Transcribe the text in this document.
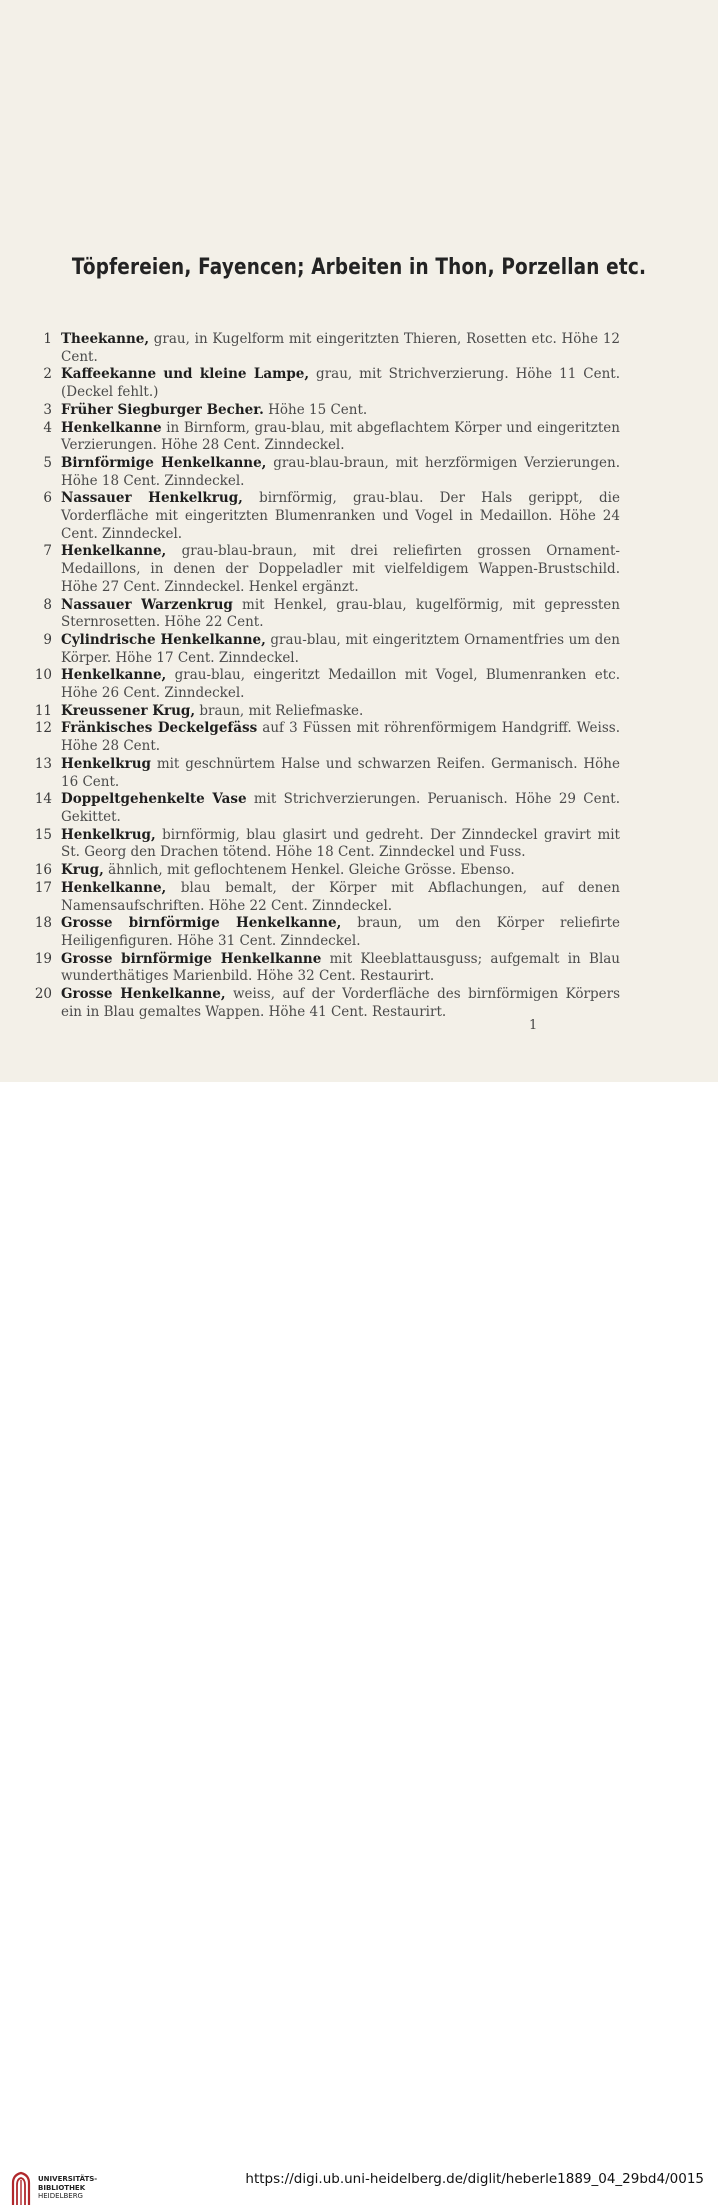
Töpfereien, Fayencen; Arbeiten in Thon, Porzellan etc.
1 Theekanne, grau, in Kugelform mit eingeritzten Thieren, Rosetten etc. Höhe 12 Cent.
2 Kaffeekanne und kleine Lampe, grau, mit Strichverzierung. Höhe 11 Cent. (Deckel fehlt.)
3 Früher Siegburger Becher. Höhe 15 Cent.
4 Henkelkanne in Birnform, grau-blau, mit abgeflachtem Körper und eingeritzten Verzierungen. Höhe 28 Cent. Zinndeckel.
5 Birnförmige Henkelkanne, grau-blau-braun, mit herzförmigen Verzierungen. Höhe 18 Cent. Zinndeckel.
6 Nassauer Henkelkrug, birnförmig, grau-blau. Der Hals gerippt, die Vorderfläche mit eingeritzten Blumenranken und Vogel in Medaillon. Höhe 24 Cent. Zinndeckel.
7 Henkelkanne, grau-blau-braun, mit drei reliefirten grossen Ornament-Medaillons, in denen der Doppeladler mit vielfeldigem Wappen-Brustschild. Höhe 27 Cent. Zinndeckel. Henkel ergänzt.
8 Nassauer Warzenkrug mit Henkel, grau-blau, kugelförmig, mit gepressten Sternrosetten. Höhe 22 Cent.
9 Cylindrische Henkelkanne, grau-blau, mit eingeritztem Ornamentfries um den Körper. Höhe 17 Cent. Zinndeckel.
10 Henkelkanne, grau-blau, eingeritzt Medaillon mit Vogel, Blumenranken etc. Höhe 26 Cent. Zinndeckel.
11 Kreussener Krug, braun, mit Reliefmaske.
12 Fränkisches Deckelgefäss auf 3 Füssen mit röhrenförmigem Handgriff. Weiss. Höhe 28 Cent.
13 Henkelkrug mit geschnürtem Halse und schwarzen Reifen. Germanisch. Höhe 16 Cent.
14 Doppeltgehenkelte Vase mit Strichverzierungen. Peruanisch. Höhe 29 Cent. Gekittet.
15 Henkelkrug, birnförmig, blau glasirt und gedreht. Der Zinndeckel gravirt mit St. Georg den Drachen tötend. Höhe 18 Cent. Zinndeckel und Fuss.
16 Krug, ähnlich, mit geflochtenem Henkel. Gleiche Grösse. Ebenso.
17 Henkelkanne, blau bemalt, der Körper mit Abflachungen, auf denen Namensaufschriften. Höhe 22 Cent. Zinndeckel.
18 Grosse birnförmige Henkelkanne, braun, um den Körper reliefirte Heiligenfiguren. Höhe 31 Cent. Zinndeckel.
19 Grosse birnförmige Henkelkanne mit Kleeblattausguss; aufgemalt in Blau wunderthätiges Marienbild. Höhe 32 Cent. Restaurirt.
20 Grosse Henkelkanne, weiss, auf der Vorderfläche des birnförmigen Körpers ein in Blau gemaltes Wappen. Höhe 41 Cent. Restaurirt.
1
UNIVERSITÄTS-
BIBLIOTHEK
HEIDELBERG
https://digi.ub.uni-heidelberg.de/diglit/heberle1889_04_29bd4/0015
